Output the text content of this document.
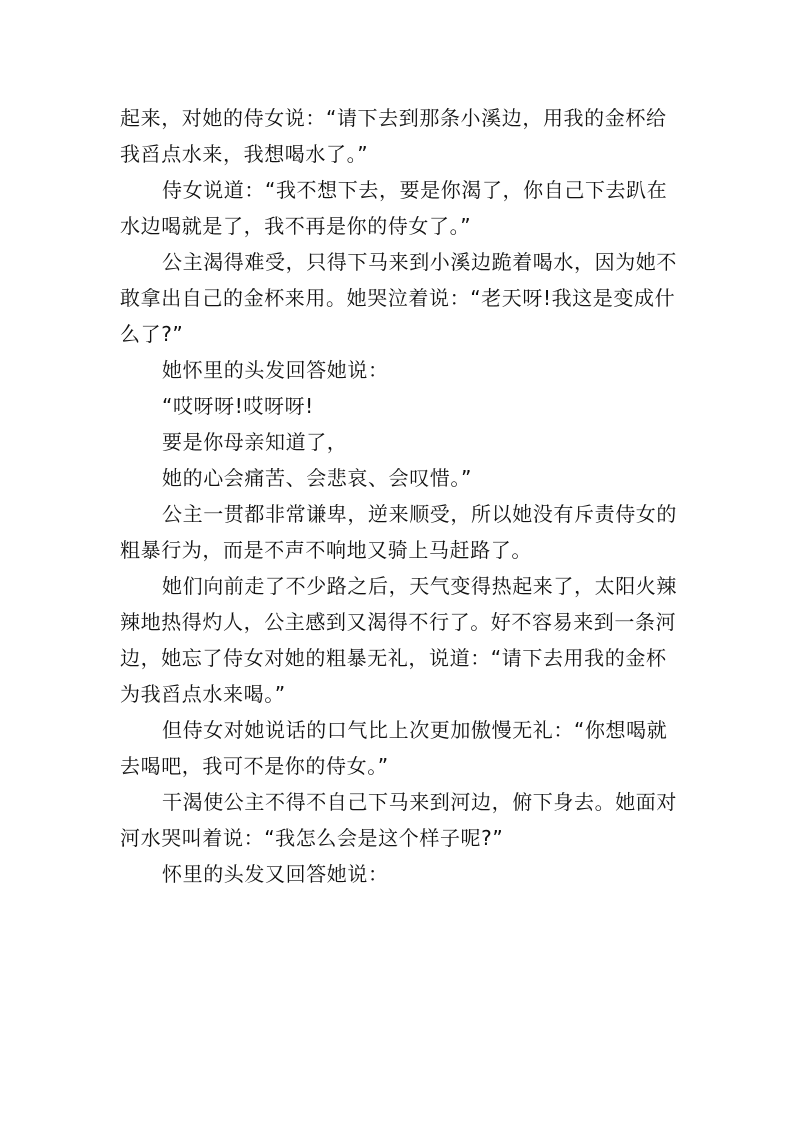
起来，对她的侍女说：“请下去到那条小溪边，用我的金杯给我舀点水来，我想喝水了。”

侍女说道：“我不想下去，要是你渴了，你自己下去趴在水边喝就是了，我不再是你的侍女了。”

公主渴得难受，只得下马来到小溪边跪着喝水，因为她不敢拿出自己的金杯来用。她哭泣着说：“老天呀!我这是变成什么了?”

她怀里的头发回答她说：

“哎呀呀!哎呀呀!

要是你母亲知道了，

她的心会痛苦、会悲哀、会叹惜。”

公主一贯都非常谦卑，逆来顺受，所以她没有斥责侍女的粗暴行为，而是不声不响地又骑上马赶路了。

她们向前走了不少路之后，天气变得热起来了，太阳火辣辣地热得灼人，公主感到又渴得不行了。好不容易来到一条河边，她忘了侍女对她的粗暴无礼，说道：“请下去用我的金杯为我舀点水来喝。”

但侍女对她说话的口气比上次更加傲慢无礼：“你想喝就去喝吧，我可不是你的侍女。”

干渴使公主不得不自己下马来到河边，俯下身去。她面对河水哭叫着说：“我怎么会是这个样子呢?”

怀里的头发又回答她说：
